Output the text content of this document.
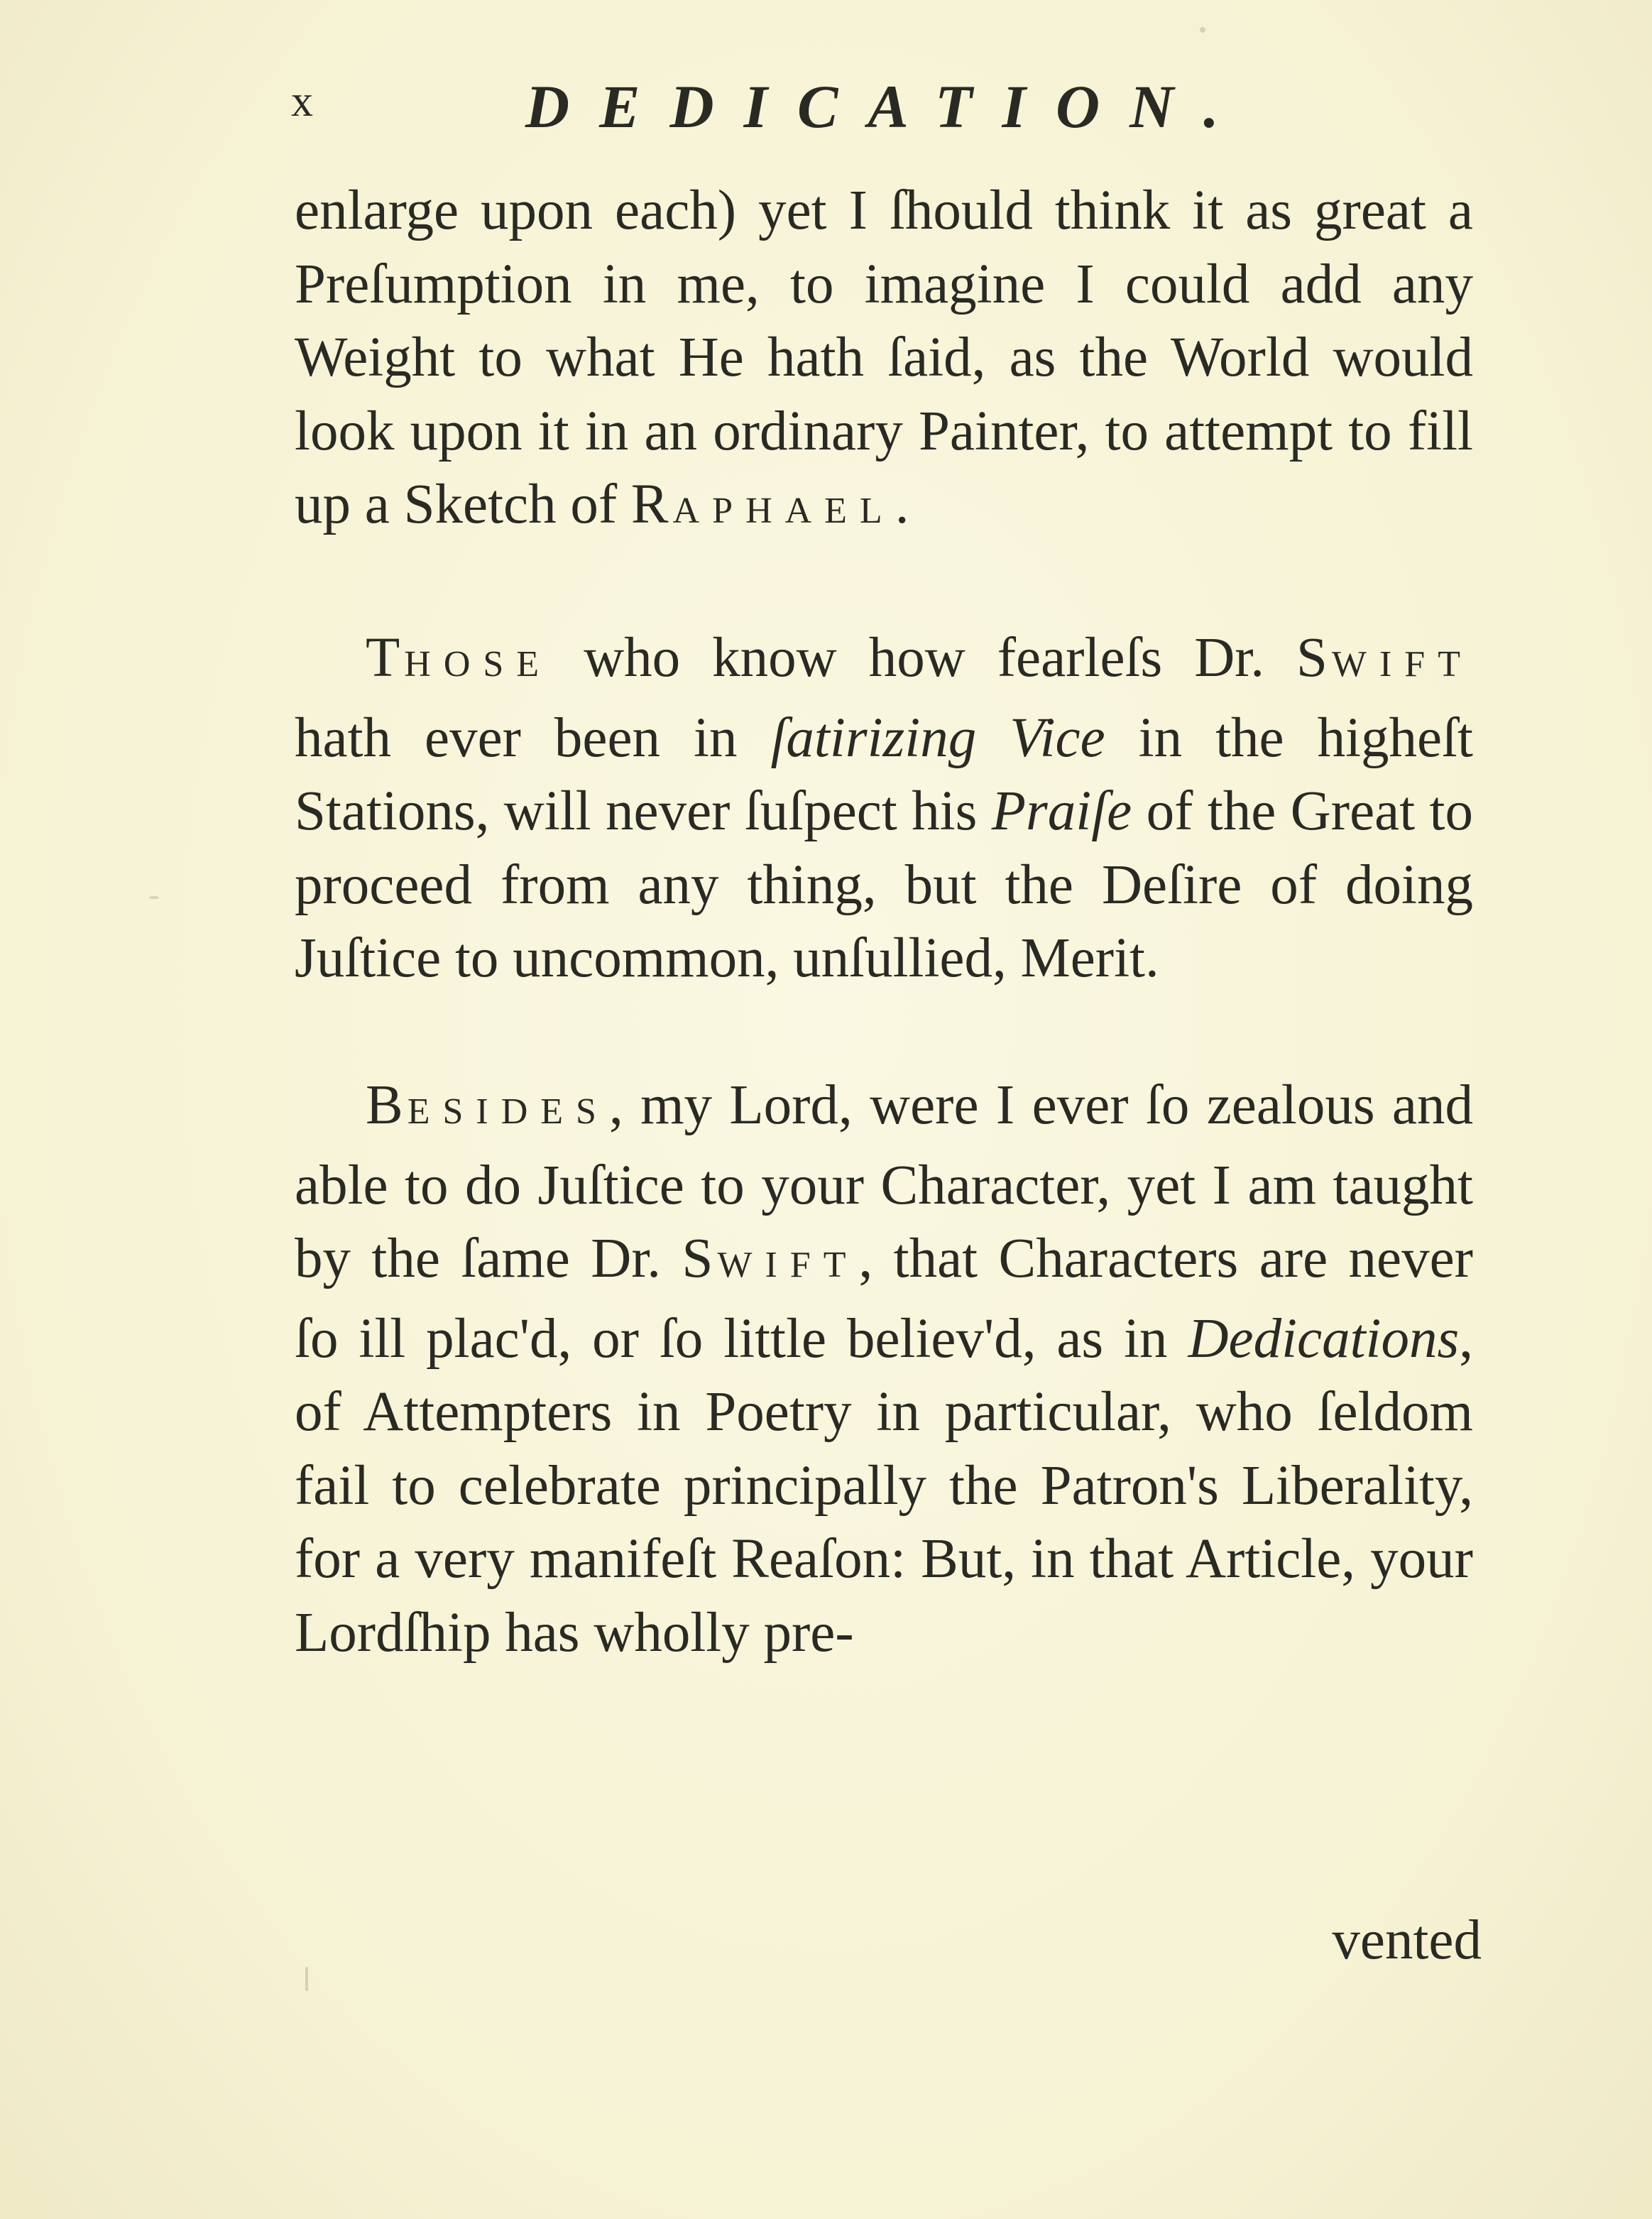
x	DEDICATION.

enlarge upon each) yet I ſhould think it as great a Preſumption in me, to imagine I could add any Weight to what He hath ſaid, as the World would look upon it in an ordinary Painter, to attempt to fill up a Sketch of RAPHAEL.

THOSE who know how fearleſs Dr. SWIFT hath ever been in ſatirizing Vice in the higheſt Stations, will never ſuſpect his Praiſe of the Great to proceed from any thing, but the Deſire of doing Juſtice to uncommon, unſullied, Merit.

BESIDES, my Lord, were I ever ſo zealous and able to do Juſtice to your Character, yet I am taught by the ſame Dr. SWIFT, that Characters are never ſo ill plac'd, or ſo little believ'd, as in Dedications, of Attempters in Poetry in particular, who ſeldom fail to celebrate principally the Patron's Liberality, for a very manifeſt Reaſon: But, in that Article, your Lordſhip has wholly pre-

vented
